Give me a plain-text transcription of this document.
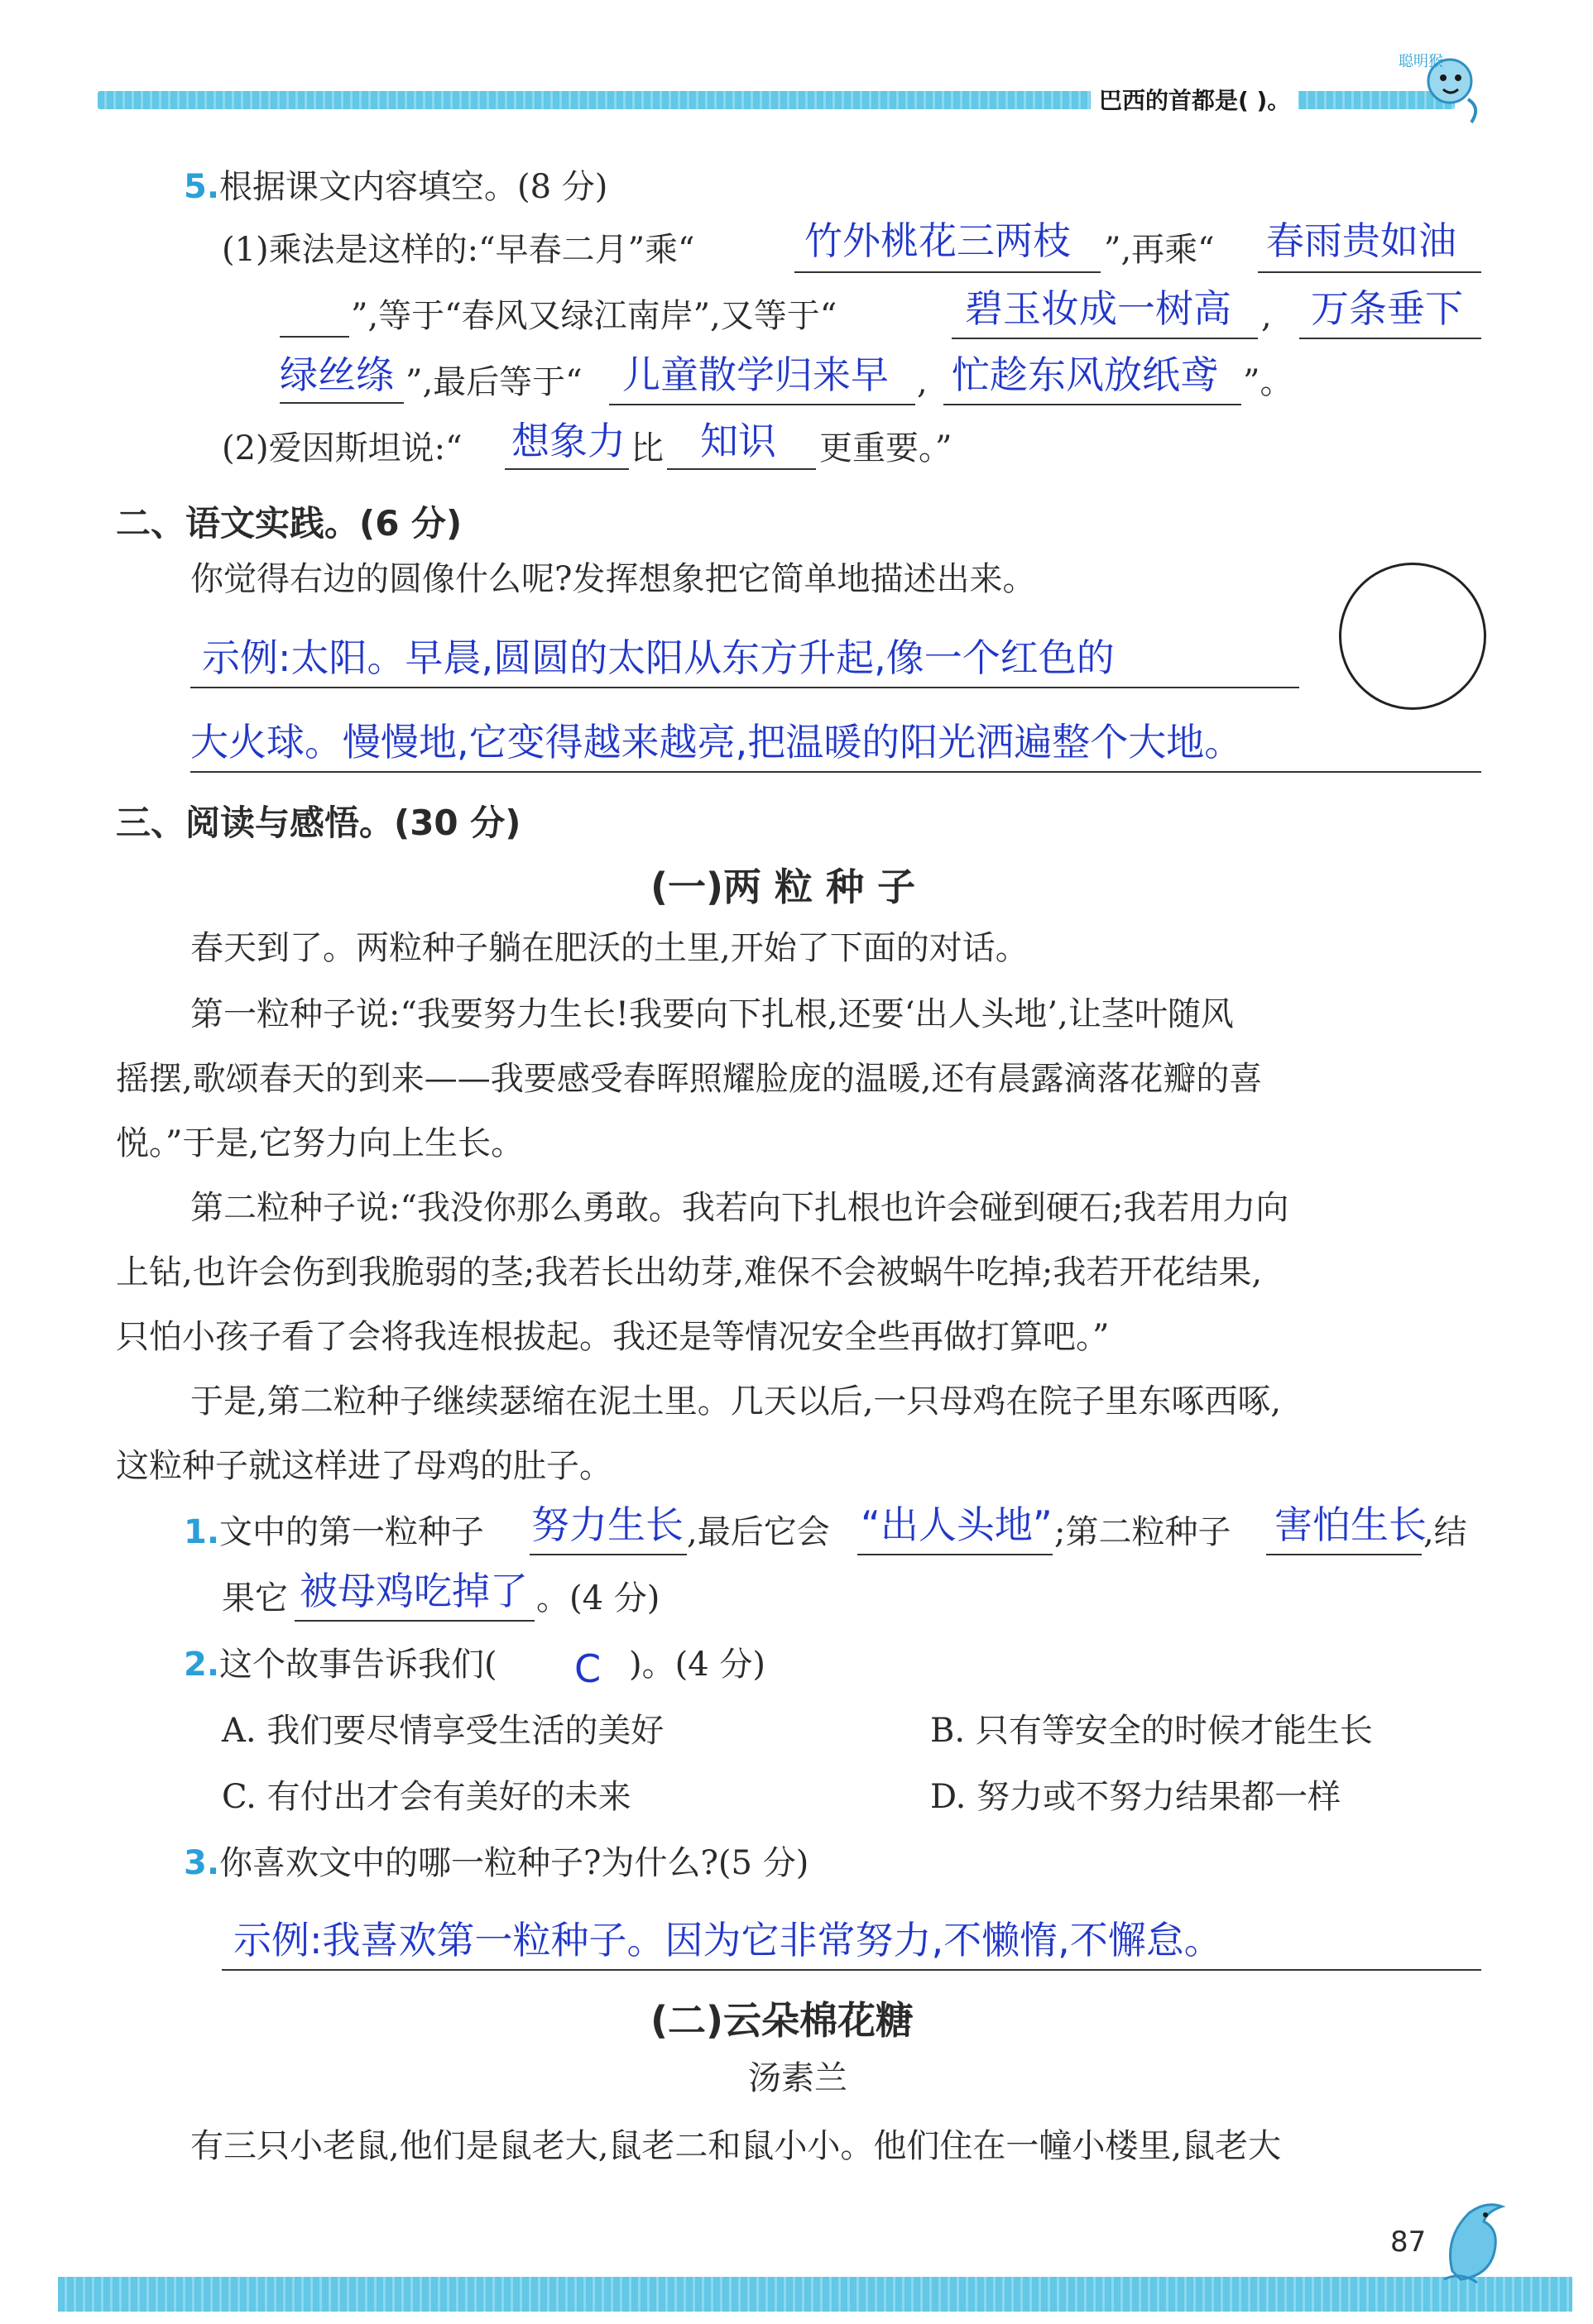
巴西的首都是( )。
聪明猴
5.根据课文内容填空。(8 分)
(1)乘法是这样的:“早春二月”乘“	竹外桃花三两枝 ”,再乘“ 春雨贵如油
”,等于“春风又绿江南岸”,又等于“	碧玉妆成一树高 , 万条垂下
绿丝绦 ”,最后等于“ 儿童散学归来早 , 忙趁东风放纸鸢 ”。
(2)爱因斯坦说:“ 想象力 比 知识 更重要。”
二、语文实践。(6 分)
你觉得右边的圆像什么呢?发挥想象把它简单地描述出来。
示例:太阳。早晨,圆圆的太阳从东方升起,像一个红色的
大火球。慢慢地,它变得越来越亮,把温暖的阳光洒遍整个大地。
三、阅读与感悟。(30 分)
(一)两 粒 种 子
春天到了。两粒种子躺在肥沃的土里,开始了下面的对话。
第一粒种子说:“我要努力生长!我要向下扎根,还要‘出人头地’,让茎叶随风
摇摆,歌颂春天的到来——我要感受春晖照耀脸庞的温暖,还有晨露滴落花瓣的喜
悦。”于是,它努力向上生长。
第二粒种子说:“我没你那么勇敢。我若向下扎根也许会碰到硬石;我若用力向
上钻,也许会伤到我脆弱的茎;我若长出幼芽,难保不会被蜗牛吃掉;我若开花结果,
只怕小孩子看了会将我连根拔起。我还是等情况安全些再做打算吧。”
于是,第二粒种子继续瑟缩在泥土里。几天以后,一只母鸡在院子里东啄西啄,
这粒种子就这样进了母鸡的肚子。
1.文中的第一粒种子 努力生长 ,最后它会 “出人头地” ;第二粒种子 害怕生长
,结
果它 被母鸡吃掉了 。(4 分)
2.这个故事告诉我们( C )。(4 分)
A. 我们要尽情享受生活的美好	B. 只有等安全的时候才能生长
C. 有付出才会有美好的未来	D. 努力或不努力结果都一样
3.你喜欢文中的哪一粒种子?为什么?(5 分)
示例:我喜欢第一粒种子。因为它非常努力,不懒惰,不懈怠。
(二)云朵棉花糖
汤素兰
有三只小老鼠,他们是鼠老大,鼠老二和鼠小小。他们住在一幢小楼里,鼠老大
87
